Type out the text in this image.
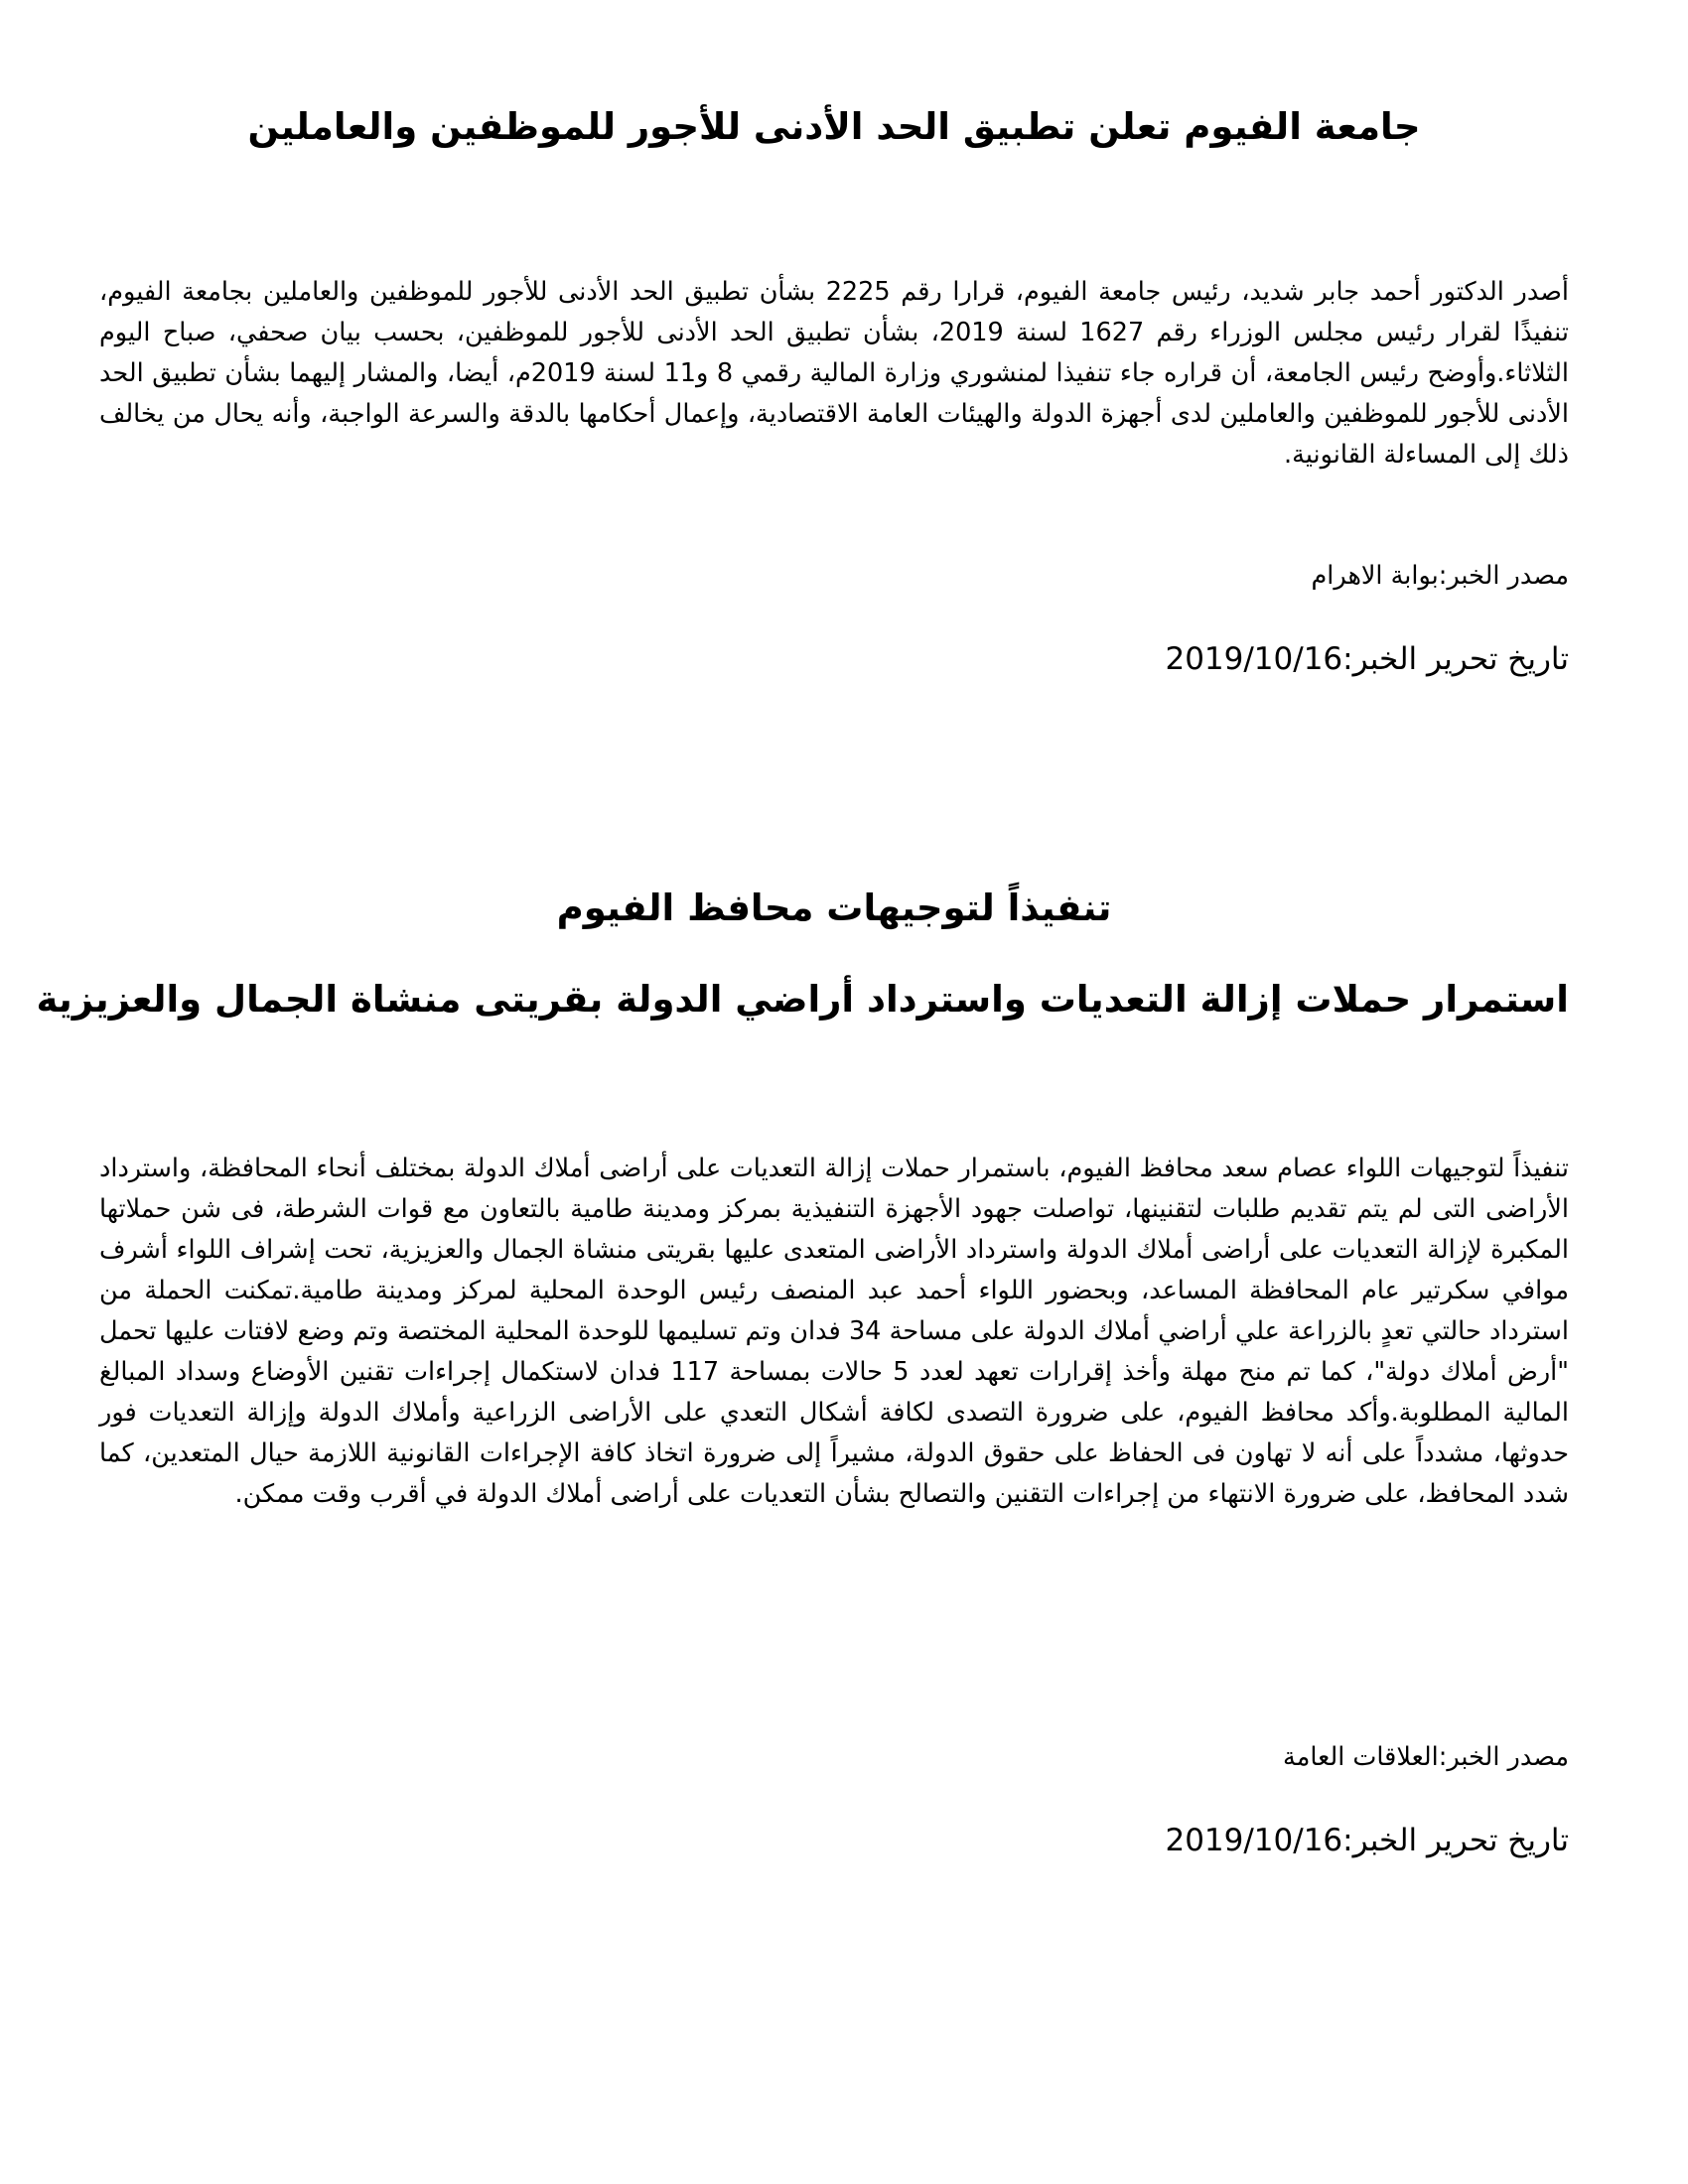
جامعة الفيوم تعلن تطبيق الحد الأدنى للأجور للموظفين والعاملين

أصدر الدكتور أحمد جابر شديد، رئيس جامعة الفيوم، قرارا رقم 2225 بشأن تطبيق الحد الأدنى للأجور للموظفين والعاملين بجامعة الفيوم، تنفيذًا لقرار رئيس مجلس الوزراء رقم 1627 لسنة 2019، بشأن تطبيق الحد الأدنى للأجور للموظفين، بحسب بيان صحفي، صباح اليوم الثلاثاء.وأوضح رئيس الجامعة، أن قراره جاء تنفيذا لمنشوري وزارة المالية رقمي 8 و11 لسنة 2019م، أيضا، والمشار إليهما بشأن تطبيق الحد الأدنى للأجور للموظفين والعاملين لدى أجهزة الدولة والهيئات العامة الاقتصادية، وإعمال أحكامها بالدقة والسرعة الواجبة، وأنه يحال من يخالف ذلك إلى المساءلة القانونية.

مصدر الخبر:بوابة الاهرام

تاريخ تحرير الخبر:2019/10/16

تنفيذاً لتوجيهات محافظ الفيوم
استمرار حملات إزالة التعديات واسترداد أراضي الدولة بقريتى منشاة الجمال والعزيزية

تنفيذاً لتوجيهات اللواء عصام سعد محافظ الفيوم، باستمرار حملات إزالة التعديات على أراضى أملاك الدولة بمختلف أنحاء المحافظة، واسترداد الأراضى التى لم يتم تقديم طلبات لتقنينها، تواصلت جهود الأجهزة التنفيذية بمركز ومدينة طامية بالتعاون مع قوات الشرطة، فى شن حملاتها المكبرة لإزالة التعديات على أراضى أملاك الدولة واسترداد الأراضى المتعدى عليها بقريتى منشاة الجمال والعزيزية، تحت إشراف اللواء أشرف موافي سكرتير عام المحافظة المساعد، وبحضور اللواء أحمد عبد المنصف رئيس الوحدة المحلية لمركز ومدينة طامية.تمكنت الحملة من استرداد حالتي تعدٍ بالزراعة علي أراضي أملاك الدولة على مساحة 34 فدان وتم تسليمها للوحدة المحلية المختصة وتم وضع لافتات عليها تحمل "أرض أملاك دولة"، كما تم منح مهلة وأخذ إقرارات تعهد لعدد 5 حالات بمساحة 117 فدان لاستكمال إجراءات تقنين الأوضاع وسداد المبالغ المالية المطلوبة.وأكد محافظ الفيوم، على ضرورة التصدى لكافة أشكال التعدي على الأراضى الزراعية وأملاك الدولة وإزالة التعديات فور حدوثها، مشدداً على أنه لا تهاون فى الحفاظ على حقوق الدولة، مشيراً إلى ضرورة اتخاذ كافة الإجراءات القانونية اللازمة حيال المتعدين، كما شدد المحافظ، على ضرورة الانتهاء من إجراءات التقنين والتصالح بشأن التعديات على أراضى أملاك الدولة في أقرب وقت ممكن.

مصدر الخبر:العلاقات العامة

تاريخ تحرير الخبر:2019/10/16
